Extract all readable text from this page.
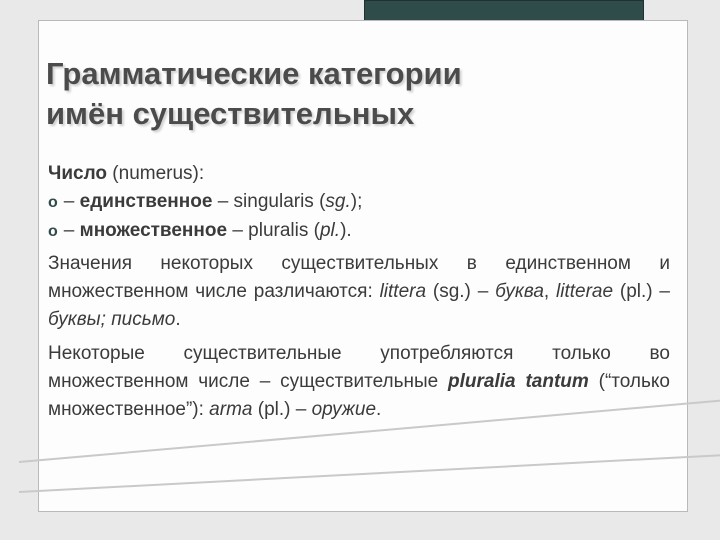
Грамматические категории
имён существительных

Число (numerus):

o – единственное – singularis (sg.);

o – множественное – pluralis (pl.).

Значения некоторых существительных в единственном и множественном числе различаются: littera (sg.) – буква, litterae (pl.) – буквы; письмо.

Некоторые существительные употребляются только во множественном числе – существительные pluralia tantum (“только множественное”): arma (pl.) – оружие.
